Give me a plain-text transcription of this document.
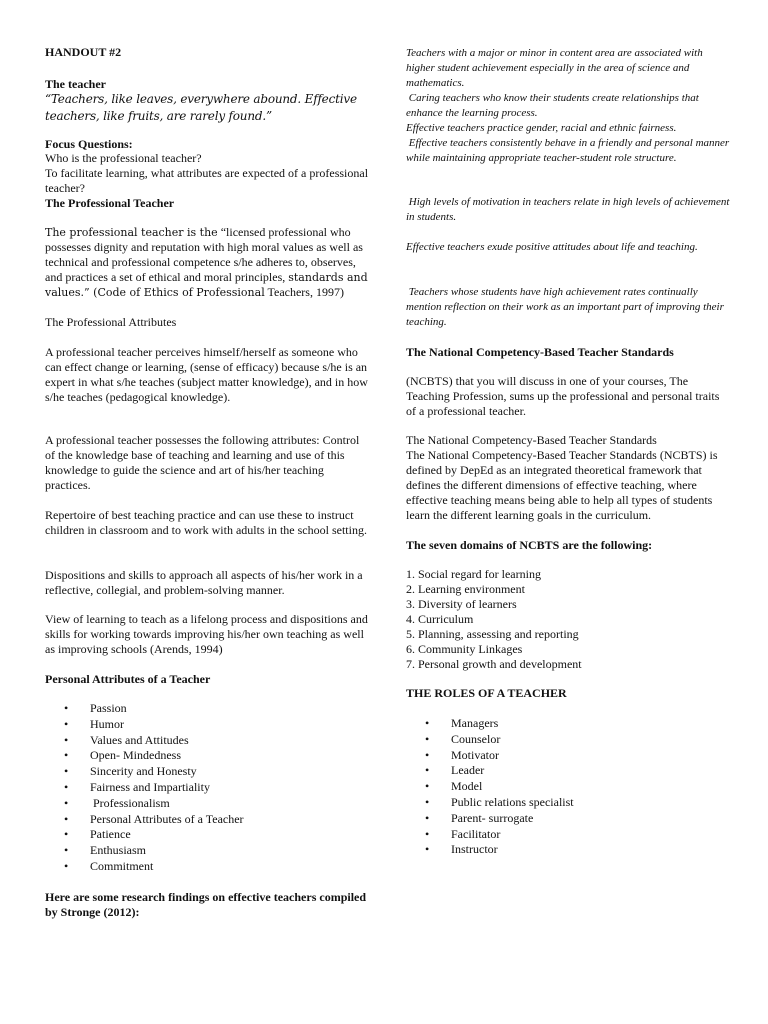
HANDOUT #2

The teacher

“Teachers, like leaves, everywhere abound. Effective

teachers, like fruits, are rarely found.”

Focus Questions:

Who is the professional teacher?

To facilitate learning, what attributes are expected of a professional teacher?

The Professional Teacher

The professional teacher is the “licensed professional who possesses dignity and reputation with high moral values as well as technical and professional competence s/he adheres to, observes, and practices a set of ethical and moral principles, standards and values.” (Code of Ethics of Professional Teachers, 1997)

The Professional Attributes

A professional teacher perceives himself/herself as someone who can effect change or learning, (sense of efficacy) because s/he is an expert in what s/he teaches (subject matter knowledge), and in how s/he teaches (pedagogical knowledge).

A professional teacher possesses the following attributes: Control of the knowledge base of teaching and learning and use of this knowledge to guide the science and art of his/her teaching practices.

Repertoire of best teaching practice and can use these to instruct children in classroom and to work with adults in the school setting.

Dispositions and skills to approach all aspects of his/her work in a reflective, collegial, and problem-solving manner.

View of learning to teach as a lifelong process and dispositions and skills for working towards improving his/her own teaching as well as improving schools (Arends, 1994)

Personal Attributes of a Teacher

• Passion
• Humor
• Values and Attitudes
• Open- Mindedness
• Sincerity and Honesty
• Fairness and Impartiality
• Professionalism
• Personal Attributes of a Teacher
• Patience
• Enthusiasm
• Commitment

Here are some research findings on effective teachers compiled by Stronge (2012):

Teachers with a major or minor in content area are associated with higher student achievement especially in the area of science and mathematics.

Caring teachers who know their students create relationships that enhance the learning process.

Effective teachers practice gender, racial and ethnic fairness.

Effective teachers consistently behave in a friendly and personal manner while maintaining appropriate teacher-student role structure.

High levels of motivation in teachers relate in high levels of achievement in students.

Effective teachers exude positive attitudes about life and teaching.

Teachers whose students have high achievement rates continually mention reflection on their work as an important part of improving their teaching.

The National Competency-Based Teacher Standards

(NCBTS) that you will discuss in one of your courses, The Teaching Profession, sums up the professional and personal traits of a professional teacher.

The National Competency-Based Teacher Standards

The National Competency-Based Teacher Standards (NCBTS) is defined by DepEd as an integrated theoretical framework that defines the different dimensions of effective teaching, where effective teaching means being able to help all types of students learn the different learning goals in the curriculum.

The seven domains of NCBTS are the following:

1. Social regard for learning
2. Learning environment
3. Diversity of learners
4. Curriculum
5. Planning, assessing and reporting
6. Community Linkages
7. Personal growth and development

THE ROLES OF A TEACHER

• Managers
• Counselor
• Motivator
• Leader
• Model
• Public relations specialist
• Parent- surrogate
• Facilitator
• Instructor
